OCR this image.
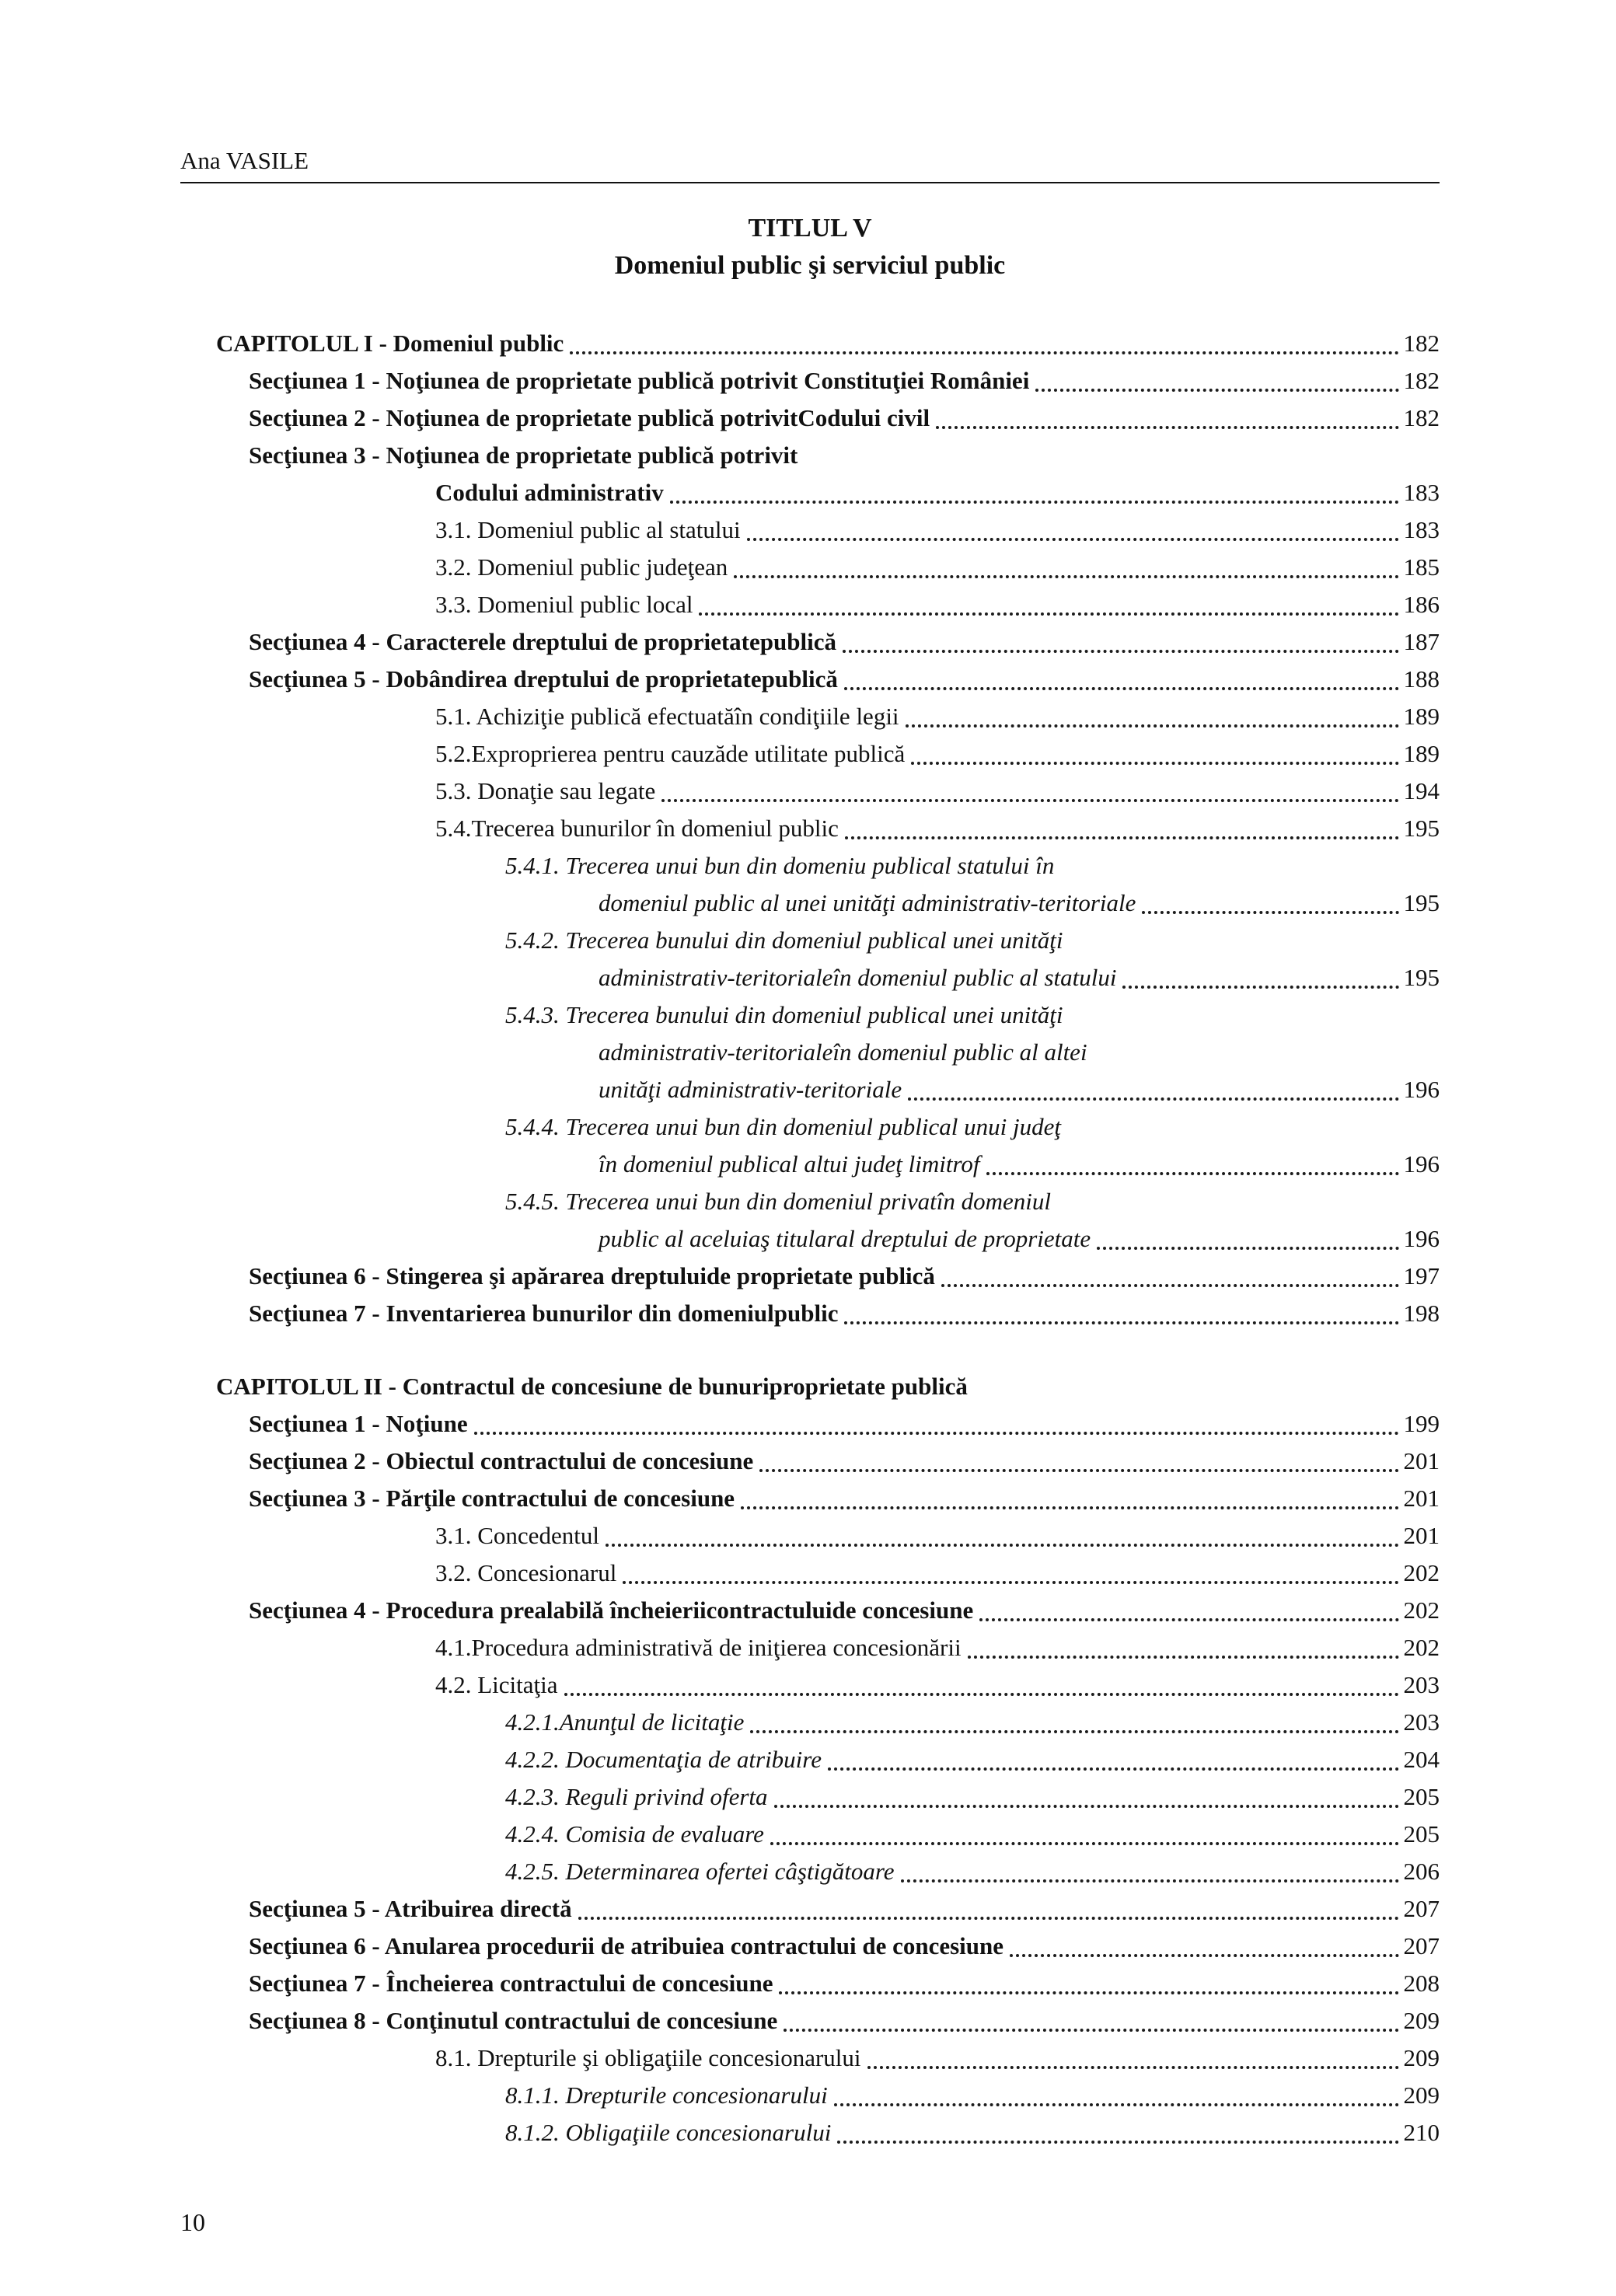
Ana VASILE
TITLUL V
Domeniul public şi serviciul public
CAPITOLUL I - Domeniul public	182
Secţiunea 1 - Noţiunea de proprietate publică potrivit Constituţiei României	182
Secţiunea 2 - Noţiunea de proprietate publică potrivitCodului civil	182
Secţiunea 3 - Noţiunea de proprietate publică potrivit
Codului administrativ	183
3.1. Domeniul public al statului	183
3.2. Domeniul public judeţean	185
3.3. Domeniul public local	186
Secţiunea 4 - Caracterele dreptului de proprietatepublică	187
Secţiunea 5 - Dobândirea dreptului de proprietatepublică	188
5.1. Achiziţie publică efectuatăîn condiţiile legii	189
5.2.Exproprierea pentru cauzăde utilitate publică	189
5.3. Donaţie sau legate	194
5.4.Trecerea bunurilor în domeniul public	195
5.4.1. Trecerea unui bun din domeniu publical statului în
domeniul public al unei unităţi administrativ-teritoriale	195
5.4.2. Trecerea bunului din domeniul publical unei unităţi
administrativ-teritorialeîn domeniul public al statului	195
5.4.3. Trecerea bunului din domeniul publical unei unităţi
administrativ-teritorialeîn domeniul public al altei
unităţi administrativ-teritoriale	196
5.4.4. Trecerea unui bun din domeniul publical unui judeţ
în domeniul publical altui judeţ limitrof	196
5.4.5. Trecerea unui bun din domeniul privatîn domeniul
public al aceluiaş titularal dreptului de proprietate	196
Secţiunea 6 - Stingerea şi apărarea dreptuluide proprietate publică	197
Secţiunea 7 - Inventarierea bunurilor din domeniulpublic	198
CAPITOLUL II - Contractul de concesiune de bunuriproprietate publică
Secţiunea 1 - Noţiune	199
Secţiunea 2 - Obiectul contractului de concesiune	201
Secţiunea 3 - Părţile contractului de concesiune	201
3.1. Concedentul	201
3.2. Concesionarul	202
Secţiunea 4 - Procedura prealabilă încheieriicontractuluide concesiune	202
4.1.Procedura administrativă de iniţierea concesionării	202
4.2. Licitaţia	203
4.2.1.Anunţul de licitaţie	203
4.2.2. Documentaţia de atribuire	204
4.2.3. Reguli privind oferta	205
4.2.4. Comisia de evaluare	205
4.2.5. Determinarea ofertei câştigătoare	206
Secţiunea 5 - Atribuirea directă	207
Secţiunea 6 - Anularea procedurii de atribuiea contractului de concesiune	207
Secţiunea 7 - Încheierea contractului de concesiune	208
Secţiunea 8 - Conţinutul contractului de concesiune	209
8.1. Drepturile şi obligaţiile concesionarului	209
8.1.1. Drepturile concesionarului	209
8.1.2. Obligaţiile concesionarului	210
10
